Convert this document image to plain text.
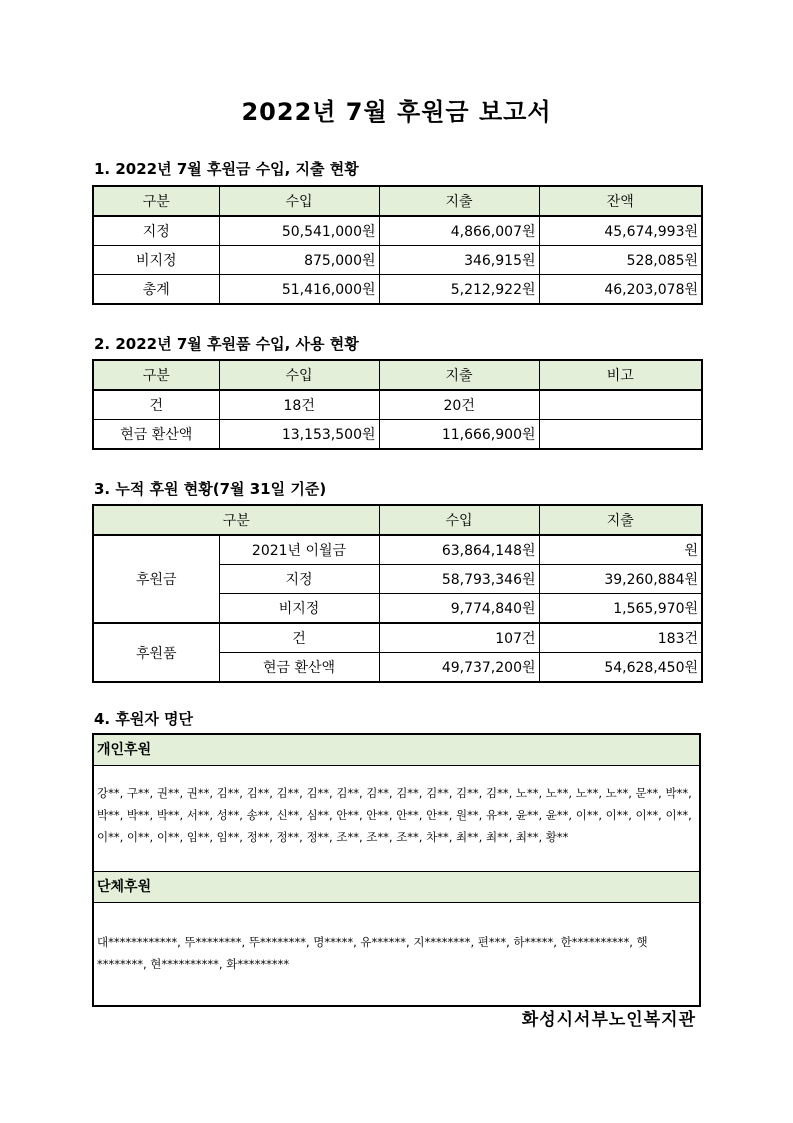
2022년 7월 후원금 보고서
1. 2022년 7월 후원금 수입, 지출 현황
구분	수입	지출	잔액
지정	50,541,000원	4,866,007원	45,674,993원
비지정	875,000원	346,915원	528,085원
총계	51,416,000원	5,212,922원	46,203,078원
2. 2022년 7월 후원품 수입, 사용 현황
구분	수입	지출	비고
건	18건	20건	
현금 환산액	13,153,500원	11,666,900원	
3. 누적 후원 현황(7월 31일 기준)
구분		수입	지출
후원금	2021년 이월금	63,864,148원	원
	지정	58,793,346원	39,260,884원
	비지정	9,774,840원	1,565,970원
후원품	건	107건	183건
	현금 환산액	49,737,200원	54,628,450원
4. 후원자 명단
개인후원
강**, 구**, 권**, 권**, 김**, 김**, 김**, 김**, 김**, 김**, 김**, 김**, 김**, 김**, 노**, 노**, 노**, 노**, 문**, 박**, 박**, 박**, 박**, 서**, 성**, 송**, 신**, 심**, 안**, 안**, 안**, 안**, 원**, 유**, 윤**, 윤**, 이**, 이**, 이**, 이**, 이**, 이**, 이**, 임**, 임**, 정**, 정**, 정**, 조**, 조**, 조**, 차**, 최**, 최**, 최**, 황**
단체후원
대************, 뚜********, 뚜********, 명*****, 유******, 지********, 편***, 하*****, 한**********, 햇********, 현**********, 화*********
화성시서부노인복지관
